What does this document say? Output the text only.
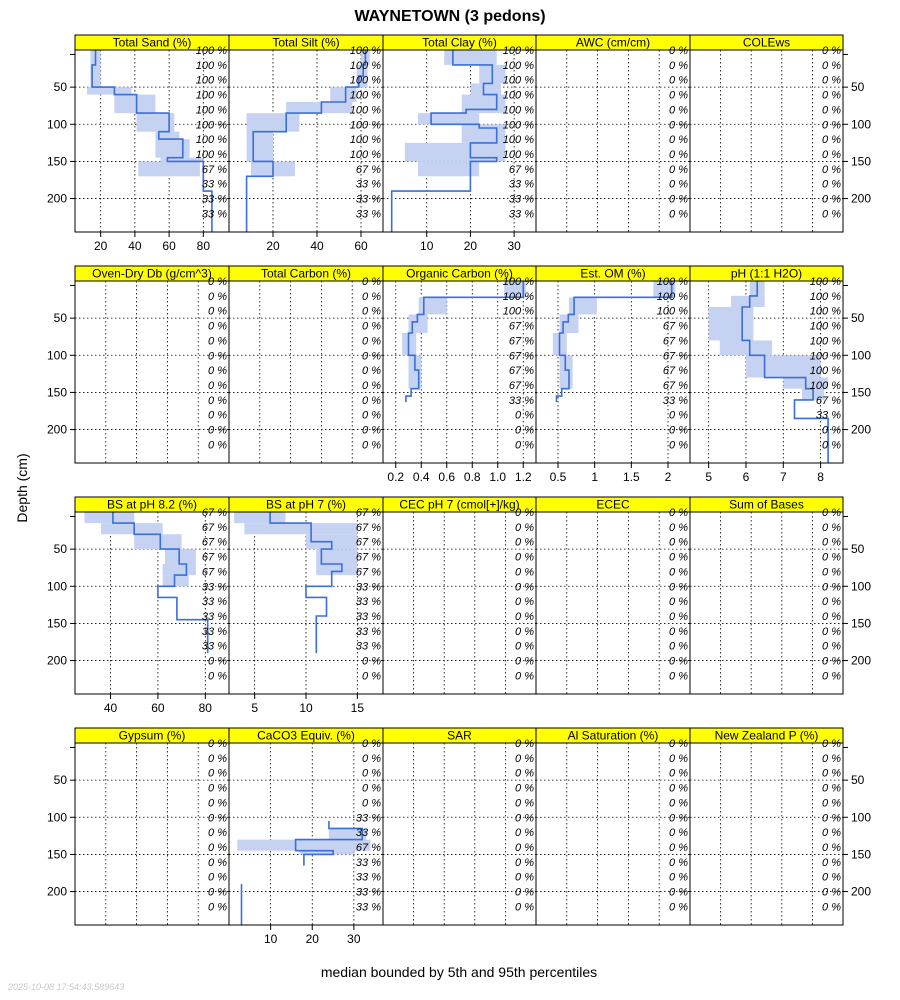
WAYNETOWN (3 pedons)
median bounded by 5th and 95th percentiles
Depth (cm)
2025-10-08 17:54:43.589643
Total Sand (%)
100 %
100 %
100 %
100 %
100 %
100 %
100 %
100 %
67 %
33 %
33 %
33 %
20 40 60 80
50
100
150
200
Total Silt (%)
100 %
100 %
100 %
100 %
100 %
100 %
100 %
100 %
67 %
33 %
33 %
33 %
20	40	60
Total Clay (%)
100 %
100 %
100 %
100 %
100 %
100 %
100 %
100 %
67 %
33 %
33 %
33 %
10	20	30
AWC (cm/cm)
0 %
0 %
0 %
0 %
0 %
0 %
0 %
0 %
0 %
0 %
0 %
0 %
COLEws
0 %
0 %
0 %
0 %
0 %
0 %
0 %
0 %
0 %
0 %
0 %
0 %
50
100
150
200
Oven-Dry Db (g/cm^3)
0 %
0 %
0 %
0 %
0 %
0 %
0 %
0 %
0 %
0 %
0 %
0 %
50
100
150
200
Total Carbon (%)
0 %
0 %
0 %
0 %
0 %
0 %
0 %
0 %
0 %
0 %
0 %
0 %
Organic Carbon (%)
100 %
100 %
100 %
67 %
67 %
67 %
67 %
67 %
33 %
0 %
0 %
0 %
0.2 0.4 0.6 0.8 1.0 1.2
Est. OM (%)
100 %
100 %
100 %
67 %
67 %
67 %
67 %
67 %
33 %
0 %
0 %
0 %
0.5 1 1.5 2
pH (1:1 H2O)
100 %
100 %
100 %
100 %
100 %
100 %
100 %
100 %
67 %
33 %
0 %
0 %
5	6	7	8
50
100
150
200
BS at pH 8.2 (%)
67 %
67 %
67 %
67 %
67 %
33 %
33 %
33 %
33 %
33 %
0 %
0 %
40	60	80
50
100
150
200
BS at pH 7 (%)
67 %
67 %
67 %
67 %
67 %
33 %
33 %
33 %
33 %
33 %
0 %
0 %
5	10	15
CEC pH 7 (cmol[+]/kg)
0 %
0 %
0 %
0 %
0 %
0 %
0 %
0 %
0 %
0 %
0 %
0 %
ECEC
0 %
0 %
0 %
0 %
0 %
0 %
0 %
0 %
0 %
0 %
0 %
0 %
Sum of Bases
0 %
0 %
0 %
0 %
0 %
0 %
0 %
0 %
0 %
0 %
0 %
0 %
50
100
150
200
Gypsum (%)
0 %
0 %
0 %
0 %
0 %
0 %
0 %
0 %
0 %
0 %
0 %
0 %
50
100
150
200
CaCO3 Equiv. (%)
0 %
0 %
0 %
0 %
0 %
33 %
33 %
67 %
33 %
33 %
33 %
33 %
10 20 30
SAR
0 %
0 %
0 %
0 %
0 %
0 %
0 %
0 %
0 %
0 %
0 %
0 %
Al Saturation (%)
0 %
0 %
0 %
0 %
0 %
0 %
0 %
0 %
0 %
0 %
0 %
0 %
New Zealand P (%)
0 %
0 %
0 %
0 %
0 %
0 %
0 %
0 %
0 %
0 %
0 %
0 %
50
100
150
200
